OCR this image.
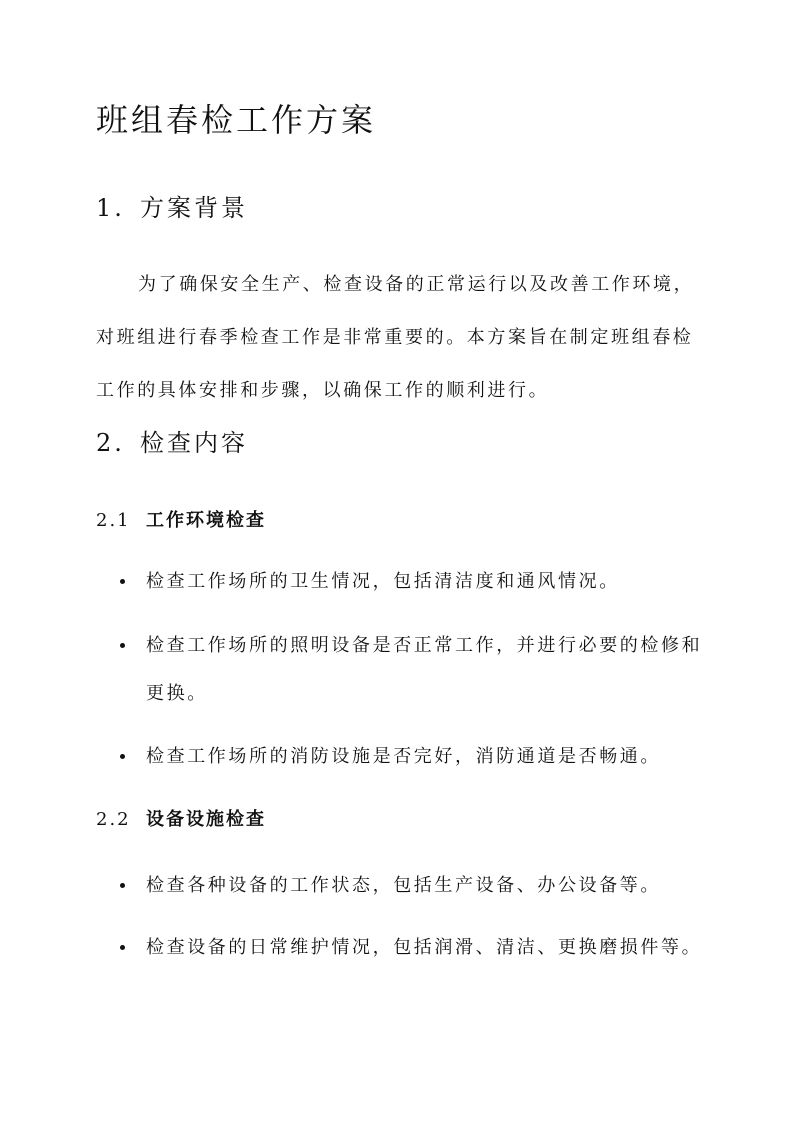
班组春检工作方案
1. 方案背景
为了确保安全生产、检查设备的正常运行以及改善工作环境，对班组进行春季检查工作是非常重要的。本方案旨在制定班组春检工作的具体安排和步骤，以确保工作的顺利进行。
2. 检查内容
2.1 工作环境检查
检查工作场所的卫生情况，包括清洁度和通风情况。
检查工作场所的照明设备是否正常工作，并进行必要的检修和更换。
检查工作场所的消防设施是否完好，消防通道是否畅通。
2.2 设备设施检查
检查各种设备的工作状态，包括生产设备、办公设备等。
检查设备的日常维护情况，包括润滑、清洁、更换磨损件等。
